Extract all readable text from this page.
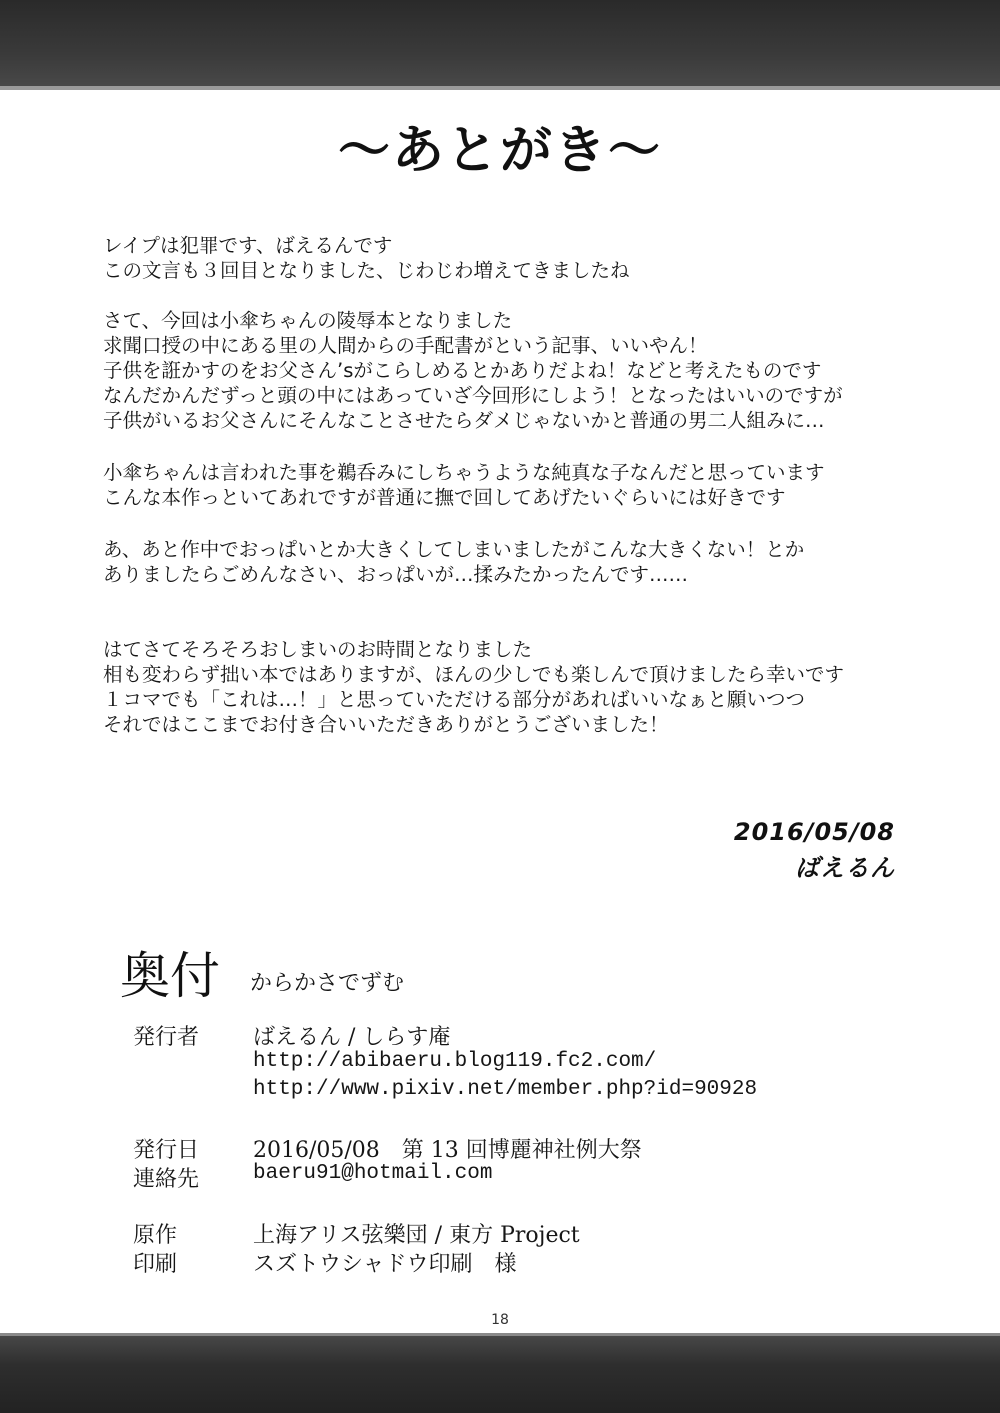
～あとがき～
レイプは犯罪です、ばえるんです
この文言も３回目となりました、じわじわ増えてきましたね
さて、今回は小傘ちゃんの陵辱本となりました
求聞口授の中にある里の人間からの手配書がという記事、いいやん！
子供を誑かすのをお父さん’sがこらしめるとかありだよね！などと考えたものです
なんだかんだずっと頭の中にはあっていざ今回形にしよう！となったはいいのですが
子供がいるお父さんにそんなことさせたらダメじゃないかと普通の男二人組みに…
小傘ちゃんは言われた事を鵜呑みにしちゃうような純真な子なんだと思っています
こんな本作っといてあれですが普通に撫で回してあげたいぐらいには好きです
あ、あと作中でおっぱいとか大きくしてしまいましたがこんな大きくない！とか
ありましたらごめんなさい、おっぱいが…揉みたかったんです……
はてさてそろそろおしまいのお時間となりました
相も変わらず拙い本ではありますが、ほんの少しでも楽しんで頂けましたら幸いです
１コマでも「これは…！」と思っていただける部分があればいいなぁと願いつつ
それではここまでお付き合いいただきありがとうございました！
2016/05/08
ばえるん
奥付 からかさでずむ
発行者 ばえるん / しらす庵
http://abibaeru.blog119.fc2.com/
http://www.pixiv.net/member.php?id=90928
発行日 2016/05/08　第 13 回博麗神社例大祭
連絡先	baeru91@hotmail.com
原作	上海アリス弦樂団 / 東方 Project
印刷	スズトウシャドウ印刷　様
18
